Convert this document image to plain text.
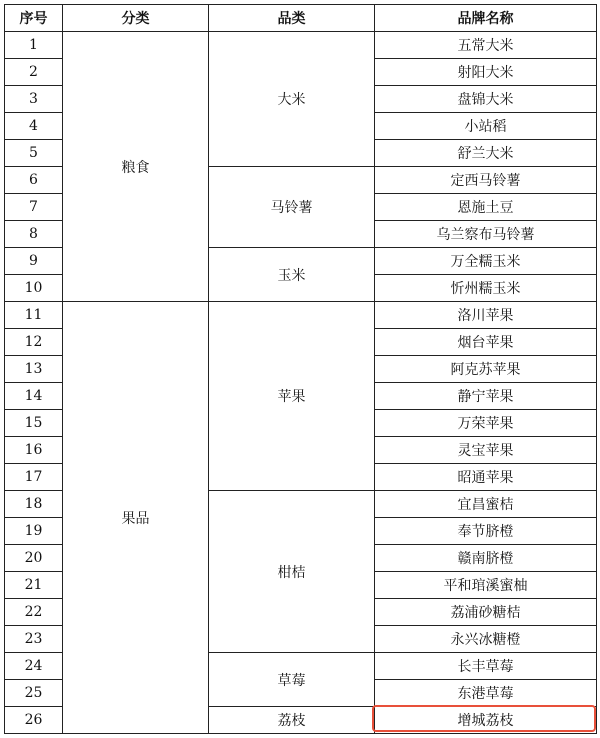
序号	分类	品类	品牌名称
1	粮食	大米	五常大米
2			射阳大米
3			盘锦大米
4			小站稻
5			舒兰大米
6		马铃薯	定西马铃薯
7			恩施土豆
8			乌兰察布马铃薯
9		玉米	万全糯玉米
10			忻州糯玉米
11	果品	苹果	洛川苹果
12			烟台苹果
13			阿克苏苹果
14			静宁苹果
15			万荣苹果
16			灵宝苹果
17			昭通苹果
18		柑桔	宜昌蜜桔
19			奉节脐橙
20			赣南脐橙
21			平和琯溪蜜柚
22			荔浦砂糖桔
23			永兴冰糖橙
24		草莓	长丰草莓
25			东港草莓
26		荔枝	增城荔枝
